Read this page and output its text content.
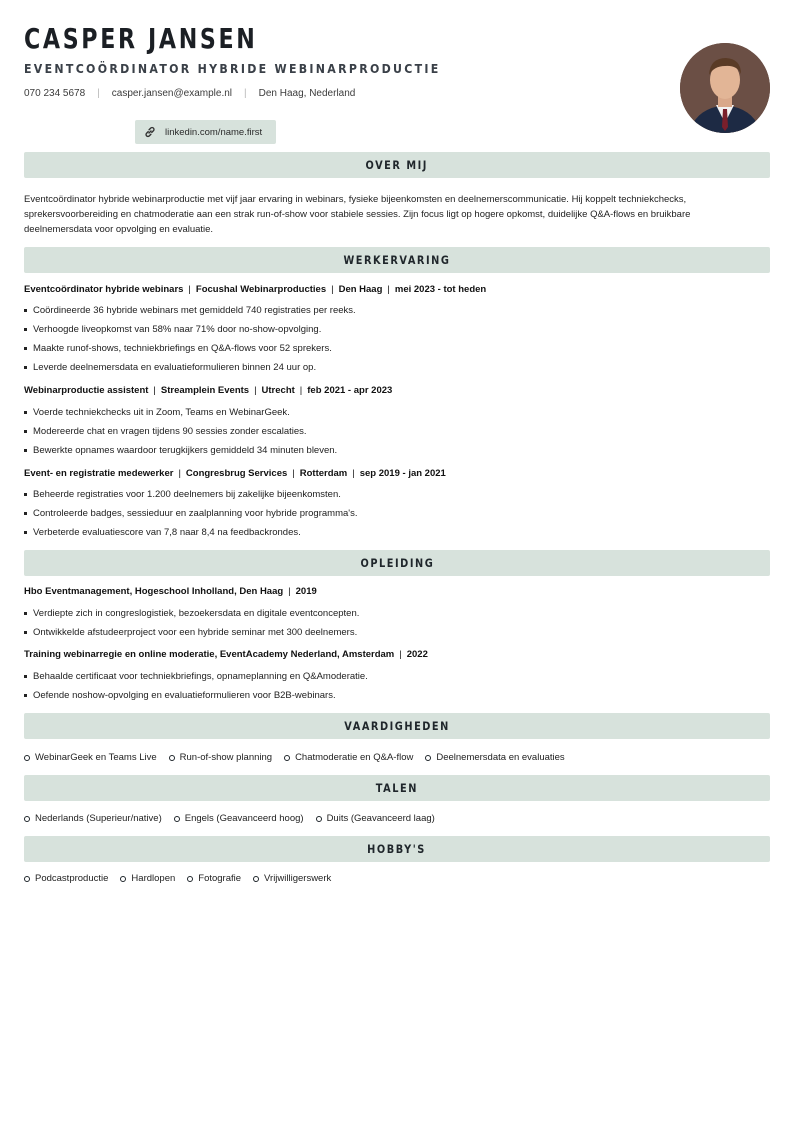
CASPER JANSEN
EVENTCOÖRDINATOR HYBRIDE WEBINARPRODUCTIE
070 234 5678 | casper.jansen@example.nl | Den Haag, Nederland
linkedin.com/name.first
OVER MIJ
Eventcoördinator hybride webinarproductie met vijf jaar ervaring in webinars, fysieke bijeenkomsten en deelnemerscommunicatie. Hij koppelt techniekchecks, sprekersvoorbereiding en chatmoderatie aan een strak run-of-show voor stabiele sessies. Zijn focus ligt op hogere opkomst, duidelijke Q&A-flows en bruikbare deelnemersdata voor opvolging en evaluatie.
WERKERVARING
Eventcoördinator hybride webinars | Focushal Webinarproducties | Den Haag | mei 2023 - tot heden
Coördineerde 36 hybride webinars met gemiddeld 740 registraties per reeks.
Verhoogde liveopkomst van 58% naar 71% door no-show-opvolging.
Maakte runof-shows, techniekbriefings en Q&A-flows voor 52 sprekers.
Leverde deelnemersdata en evaluatieformulieren binnen 24 uur op.
Webinarproductie assistent | Streamplein Events | Utrecht | feb 2021 - apr 2023
Voerde techniekchecks uit in Zoom, Teams en WebinarGeek.
Modereerde chat en vragen tijdens 90 sessies zonder escalaties.
Bewerkte opnames waardoor terugkijkers gemiddeld 34 minuten bleven.
Event- en registratie medewerker | Congresbrug Services | Rotterdam | sep 2019 - jan 2021
Beheerde registraties voor 1.200 deelnemers bij zakelijke bijeenkomsten.
Controleerde badges, sessieduur en zaalplanning voor hybride programma's.
Verbeterde evaluatiescore van 7,8 naar 8,4 na feedbackrondes.
OPLEIDING
Hbo Eventmanagement, Hogeschool Inholland, Den Haag | 2019
Verdiepte zich in congreslogistiek, bezoekersdata en digitale eventconcepten.
Ontwikkelde afstudeerproject voor een hybride seminar met 300 deelnemers.
Training webinarregie en online moderatie, EventAcademy Nederland, Amsterdam | 2022
Behaalde certificaat voor techniekbriefings, opnameplanning en Q&Amoderatie.
Oefende noshow-opvolging en evaluatieformulieren voor B2B-webinars.
VAARDIGHEDEN
WebinarGeek en Teams Live Run-of-show planning Chatmoderatie en Q&A-flow Deelnemersdata en evaluaties
TALEN
Nederlands (Superieur/native) Engels (Geavanceerd hoog) Duits (Geavanceerd laag)
HOBBY'S
Podcastproductie Hardlopen Fotografie Vrijwilligerswerk
